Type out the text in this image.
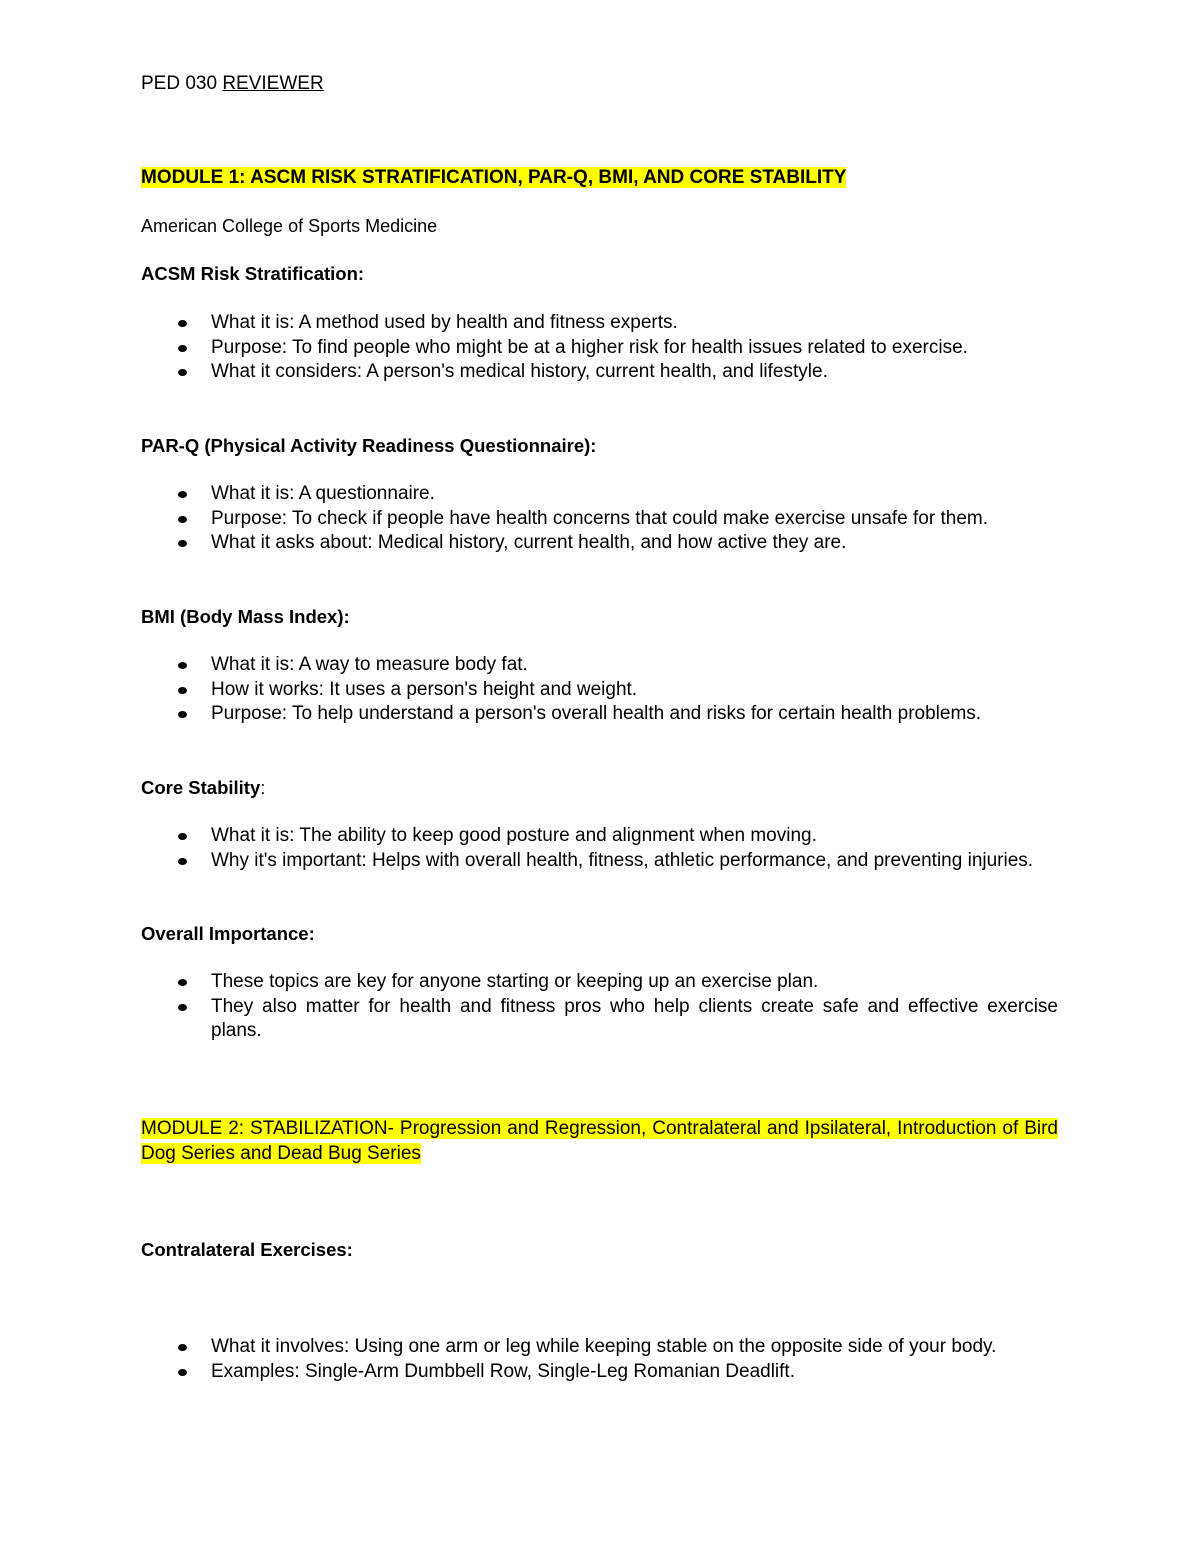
PED 030 REVIEWER
MODULE 1: ASCM RISK STRATIFICATION, PAR-Q, BMI, AND CORE STABILITY
American College of Sports Medicine
ACSM Risk Stratification:
What it is: A method used by health and fitness experts.
Purpose: To find people who might be at a higher risk for health issues related to exercise.
What it considers: A person's medical history, current health, and lifestyle.
PAR-Q (Physical Activity Readiness Questionnaire):
What it is: A questionnaire.
Purpose: To check if people have health concerns that could make exercise unsafe for them.
What it asks about: Medical history, current health, and how active they are.
BMI (Body Mass Index):
What it is: A way to measure body fat.
How it works: It uses a person's height and weight.
Purpose: To help understand a person's overall health and risks for certain health problems.
Core Stability:
What it is: The ability to keep good posture and alignment when moving.
Why it's important: Helps with overall health, fitness, athletic performance, and preventing injuries.
Overall Importance:
These topics are key for anyone starting or keeping up an exercise plan.
They also matter for health and fitness pros who help clients create safe and effective exercise plans.
MODULE 2: STABILIZATION- Progression and Regression, Contralateral and Ipsilateral, Introduction of Bird Dog Series and Dead Bug Series
Contralateral Exercises:
What it involves: Using one arm or leg while keeping stable on the opposite side of your body.
Examples: Single-Arm Dumbbell Row, Single-Leg Romanian Deadlift.
